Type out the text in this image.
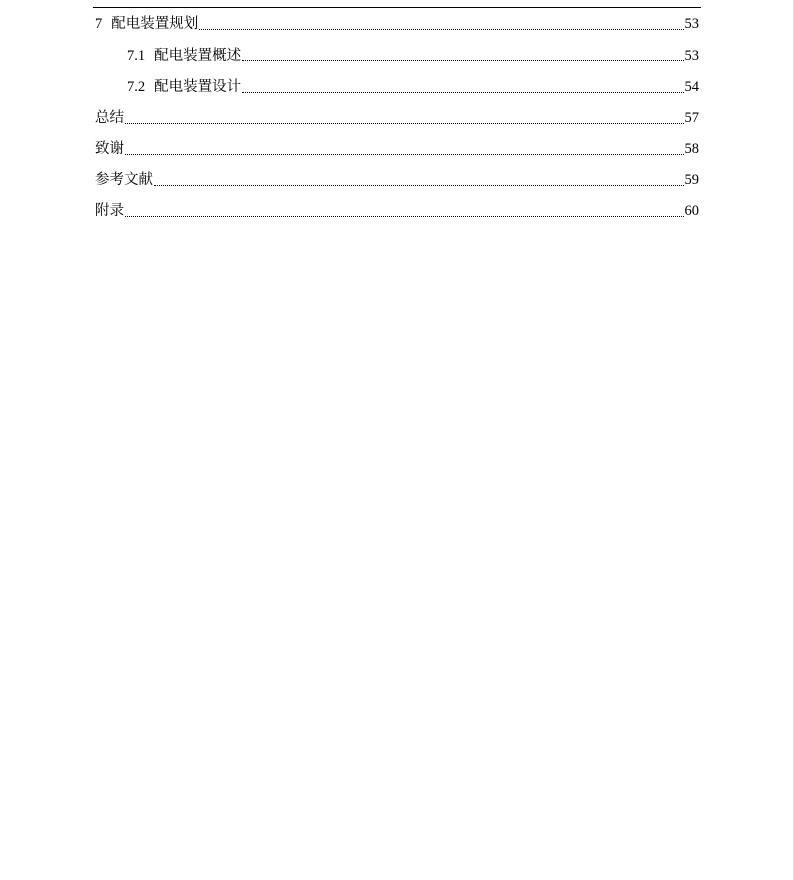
7 配电装置规划	53
7.1 配电装置概述	53
7.2 配电装置设计	54
总结	57
致谢	58
参考文献	59
附录	60
